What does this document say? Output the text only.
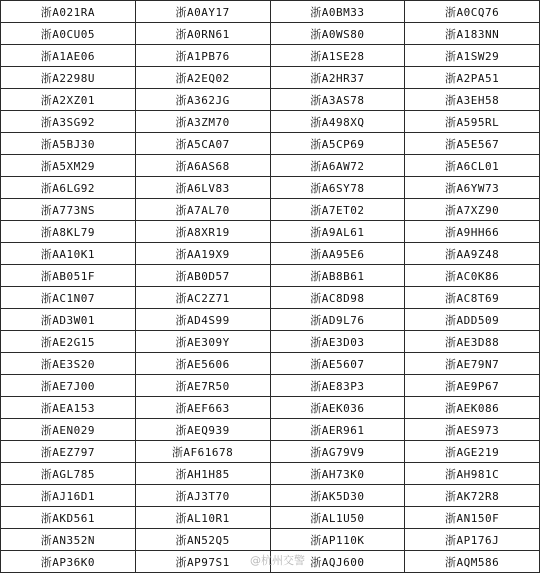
浙A021RA	浙A0AY17	浙A0BM33	浙A0CQ76
浙A0CU05	浙A0RN61	浙A0WS80	浙A183NN
浙A1AE06	浙A1PB76	浙A1SE28	浙A1SW29
浙A2298U	浙A2EQ02	浙A2HR37	浙A2PA51
浙A2XZ01	浙A362JG	浙A3AS78	浙A3EH58
浙A3SG92	浙A3ZM70	浙A498XQ	浙A595RL
浙A5BJ30	浙A5CA07	浙A5CP69	浙A5E567
浙A5XM29	浙A6AS68	浙A6AW72	浙A6CL01
浙A6LG92	浙A6LV83	浙A6SY78	浙A6YW73
浙A773NS	浙A7AL70	浙A7ET02	浙A7XZ90
浙A8KL79	浙A8XR19	浙A9AL61	浙A9HH66
浙AA10K1	浙AA19X9	浙AA95E6	浙AA9Z48
浙AB051F	浙AB0D57	浙AB8B61	浙AC0K86
浙AC1N07	浙AC2Z71	浙AC8D98	浙AC8T69
浙AD3W01	浙AD4S99	浙AD9L76	浙ADD509
浙AE2G15	浙AE309Y	浙AE3D03	浙AE3D88
浙AE3S20	浙AE5606	浙AE5607	浙AE79N7
浙AE7J00	浙AE7R50	浙AE83P3	浙AE9P67
浙AEA153	浙AEF663	浙AEK036	浙AEK086
浙AEN029	浙AEQ939	浙AER961	浙AES973
浙AEZ797	浙AF61678	浙AG79V9	浙AGE219
浙AGL785	浙AH1H85	浙AH73K0	浙AH981C
浙AJ16D1	浙AJ3T70	浙AK5D30	浙AK72R8
浙AKD561	浙AL10R1	浙AL1U50	浙AN150F
浙AN352N	浙AN52Q5	浙AP110K	浙AP176J
浙AP36K0	浙AP97S1	浙AQJ600	浙AQM586
@杭州交警
